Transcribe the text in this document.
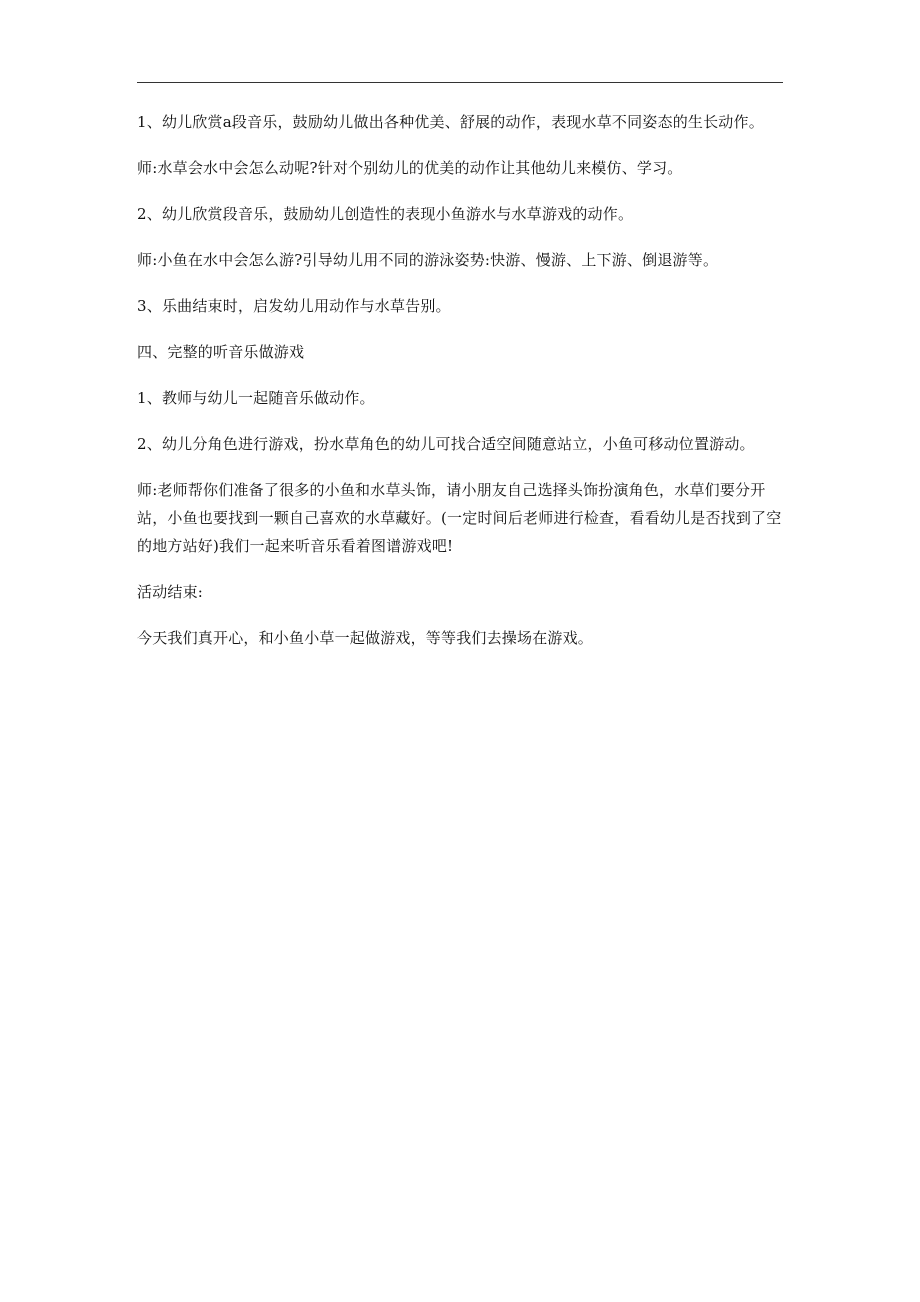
1、幼儿欣赏a段音乐，鼓励幼儿做出各种优美、舒展的动作，表现水草不同姿态的生长动作。

师:水草会水中会怎么动呢?针对个别幼儿的优美的动作让其他幼儿来模仿、学习。

2、幼儿欣赏段音乐，鼓励幼儿创造性的表现小鱼游水与水草游戏的动作。

师:小鱼在水中会怎么游?引导幼儿用不同的游泳姿势:快游、慢游、上下游、倒退游等。

3、乐曲结束时，启发幼儿用动作与水草告别。

四、完整的听音乐做游戏

1、教师与幼儿一起随音乐做动作。

2、幼儿分角色进行游戏，扮水草角色的幼儿可找合适空间随意站立，小鱼可移动位置游动。

师:老师帮你们准备了很多的小鱼和水草头饰，请小朋友自己选择头饰扮演角色，水草们要分开站，小鱼也要找到一颗自己喜欢的水草藏好。(一定时间后老师进行检查，看看幼儿是否找到了空的地方站好)我们一起来听音乐看着图谱游戏吧!

活动结束:

今天我们真开心，和小鱼小草一起做游戏，等等我们去操场在游戏。
